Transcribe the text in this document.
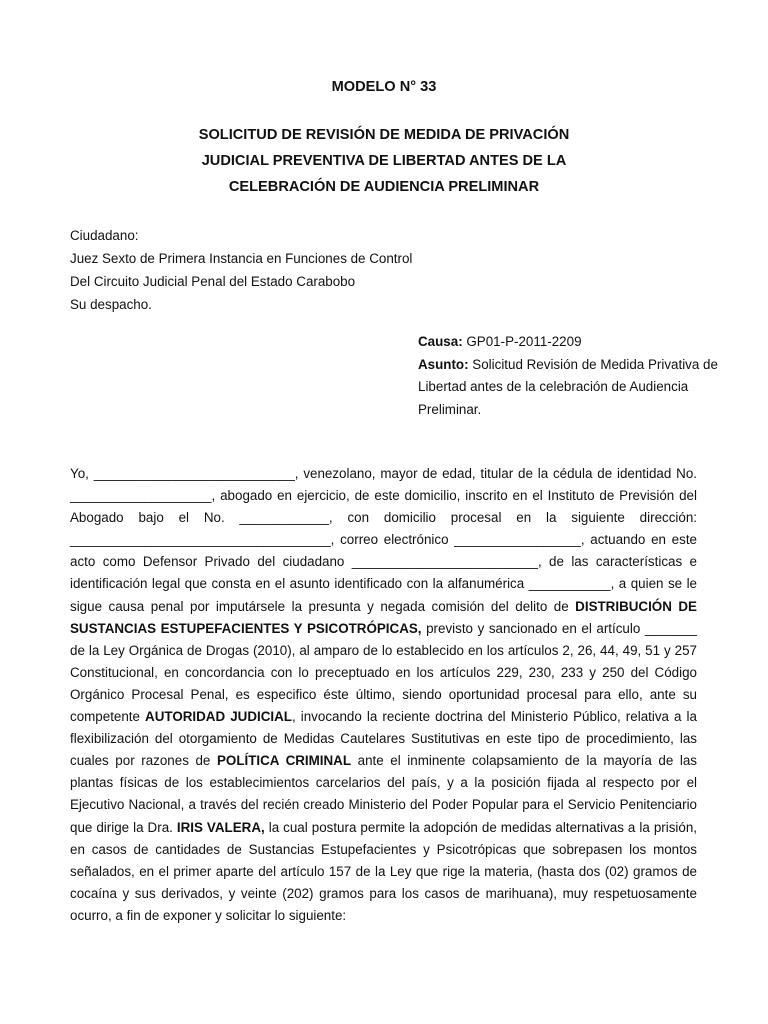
MODELO N° 33
SOLICITUD DE REVISIÓN DE MEDIDA DE PRIVACIÓN
JUDICIAL PREVENTIVA DE LIBERTAD ANTES DE LA
CELEBRACIÓN DE AUDIENCIA PRELIMINAR
Ciudadano:
Juez Sexto de Primera Instancia en Funciones de Control
Del Circuito Judicial Penal del Estado Carabobo
Su despacho.
Causa: GP01-P-2011-2209
Asunto: Solicitud Revisión de Medida Privativa de Libertad antes de la celebración de Audiencia Preliminar.
Yo, ___________________________, venezolano, mayor de edad, titular de la cédula de identidad No. ___________________, abogado en ejercicio, de este domicilio, inscrito en el Instituto de Previsión del Abogado bajo el No. ____________, con domicilio procesal en la siguiente dirección: ___________________________________, correo electrónico _________________, actuando en este acto como Defensor Privado del ciudadano _________________________, de las características e identificación legal que consta en el asunto identificado con la alfanumérica ___________, a quien se le sigue causa penal por imputársele la presunta y negada comisión del delito de DISTRIBUCIÓN DE SUSTANCIAS ESTUPEFACIENTES Y PSICOTRÓPICAS, previsto y sancionado en el artículo _______ de la Ley Orgánica de Drogas (2010), al amparo de lo establecido en los artículos 2, 26, 44, 49, 51 y 257 Constitucional, en concordancia con lo preceptuado en los artículos 229, 230, 233 y 250 del Código Orgánico Procesal Penal, es especifico éste último, siendo oportunidad procesal para ello, ante su competente AUTORIDAD JUDICIAL, invocando la reciente doctrina del Ministerio Público, relativa a la flexibilización del otorgamiento de Medidas Cautelares Sustitutivas en este tipo de procedimiento, las cuales por razones de POLÍTICA CRIMINAL ante el inminente colapsamiento de la mayoría de las plantas físicas de los establecimientos carcelarios del país, y a la posición fijada al respecto por el Ejecutivo Nacional, a través del recién creado Ministerio del Poder Popular para el Servicio Penitenciario que dirige la Dra. IRIS VALERA, la cual postura permite la adopción de medidas alternativas a la prisión, en casos de cantidades de Sustancias Estupefacientes y Psicotrópicas que sobrepasen los montos señalados, en el primer aparte del artículo 157 de la Ley que rige la materia, (hasta dos (02) gramos de cocaína y sus derivados, y veinte (202) gramos para los casos de marihuana), muy respetuosamente ocurro, a fin de exponer y solicitar lo siguiente:
